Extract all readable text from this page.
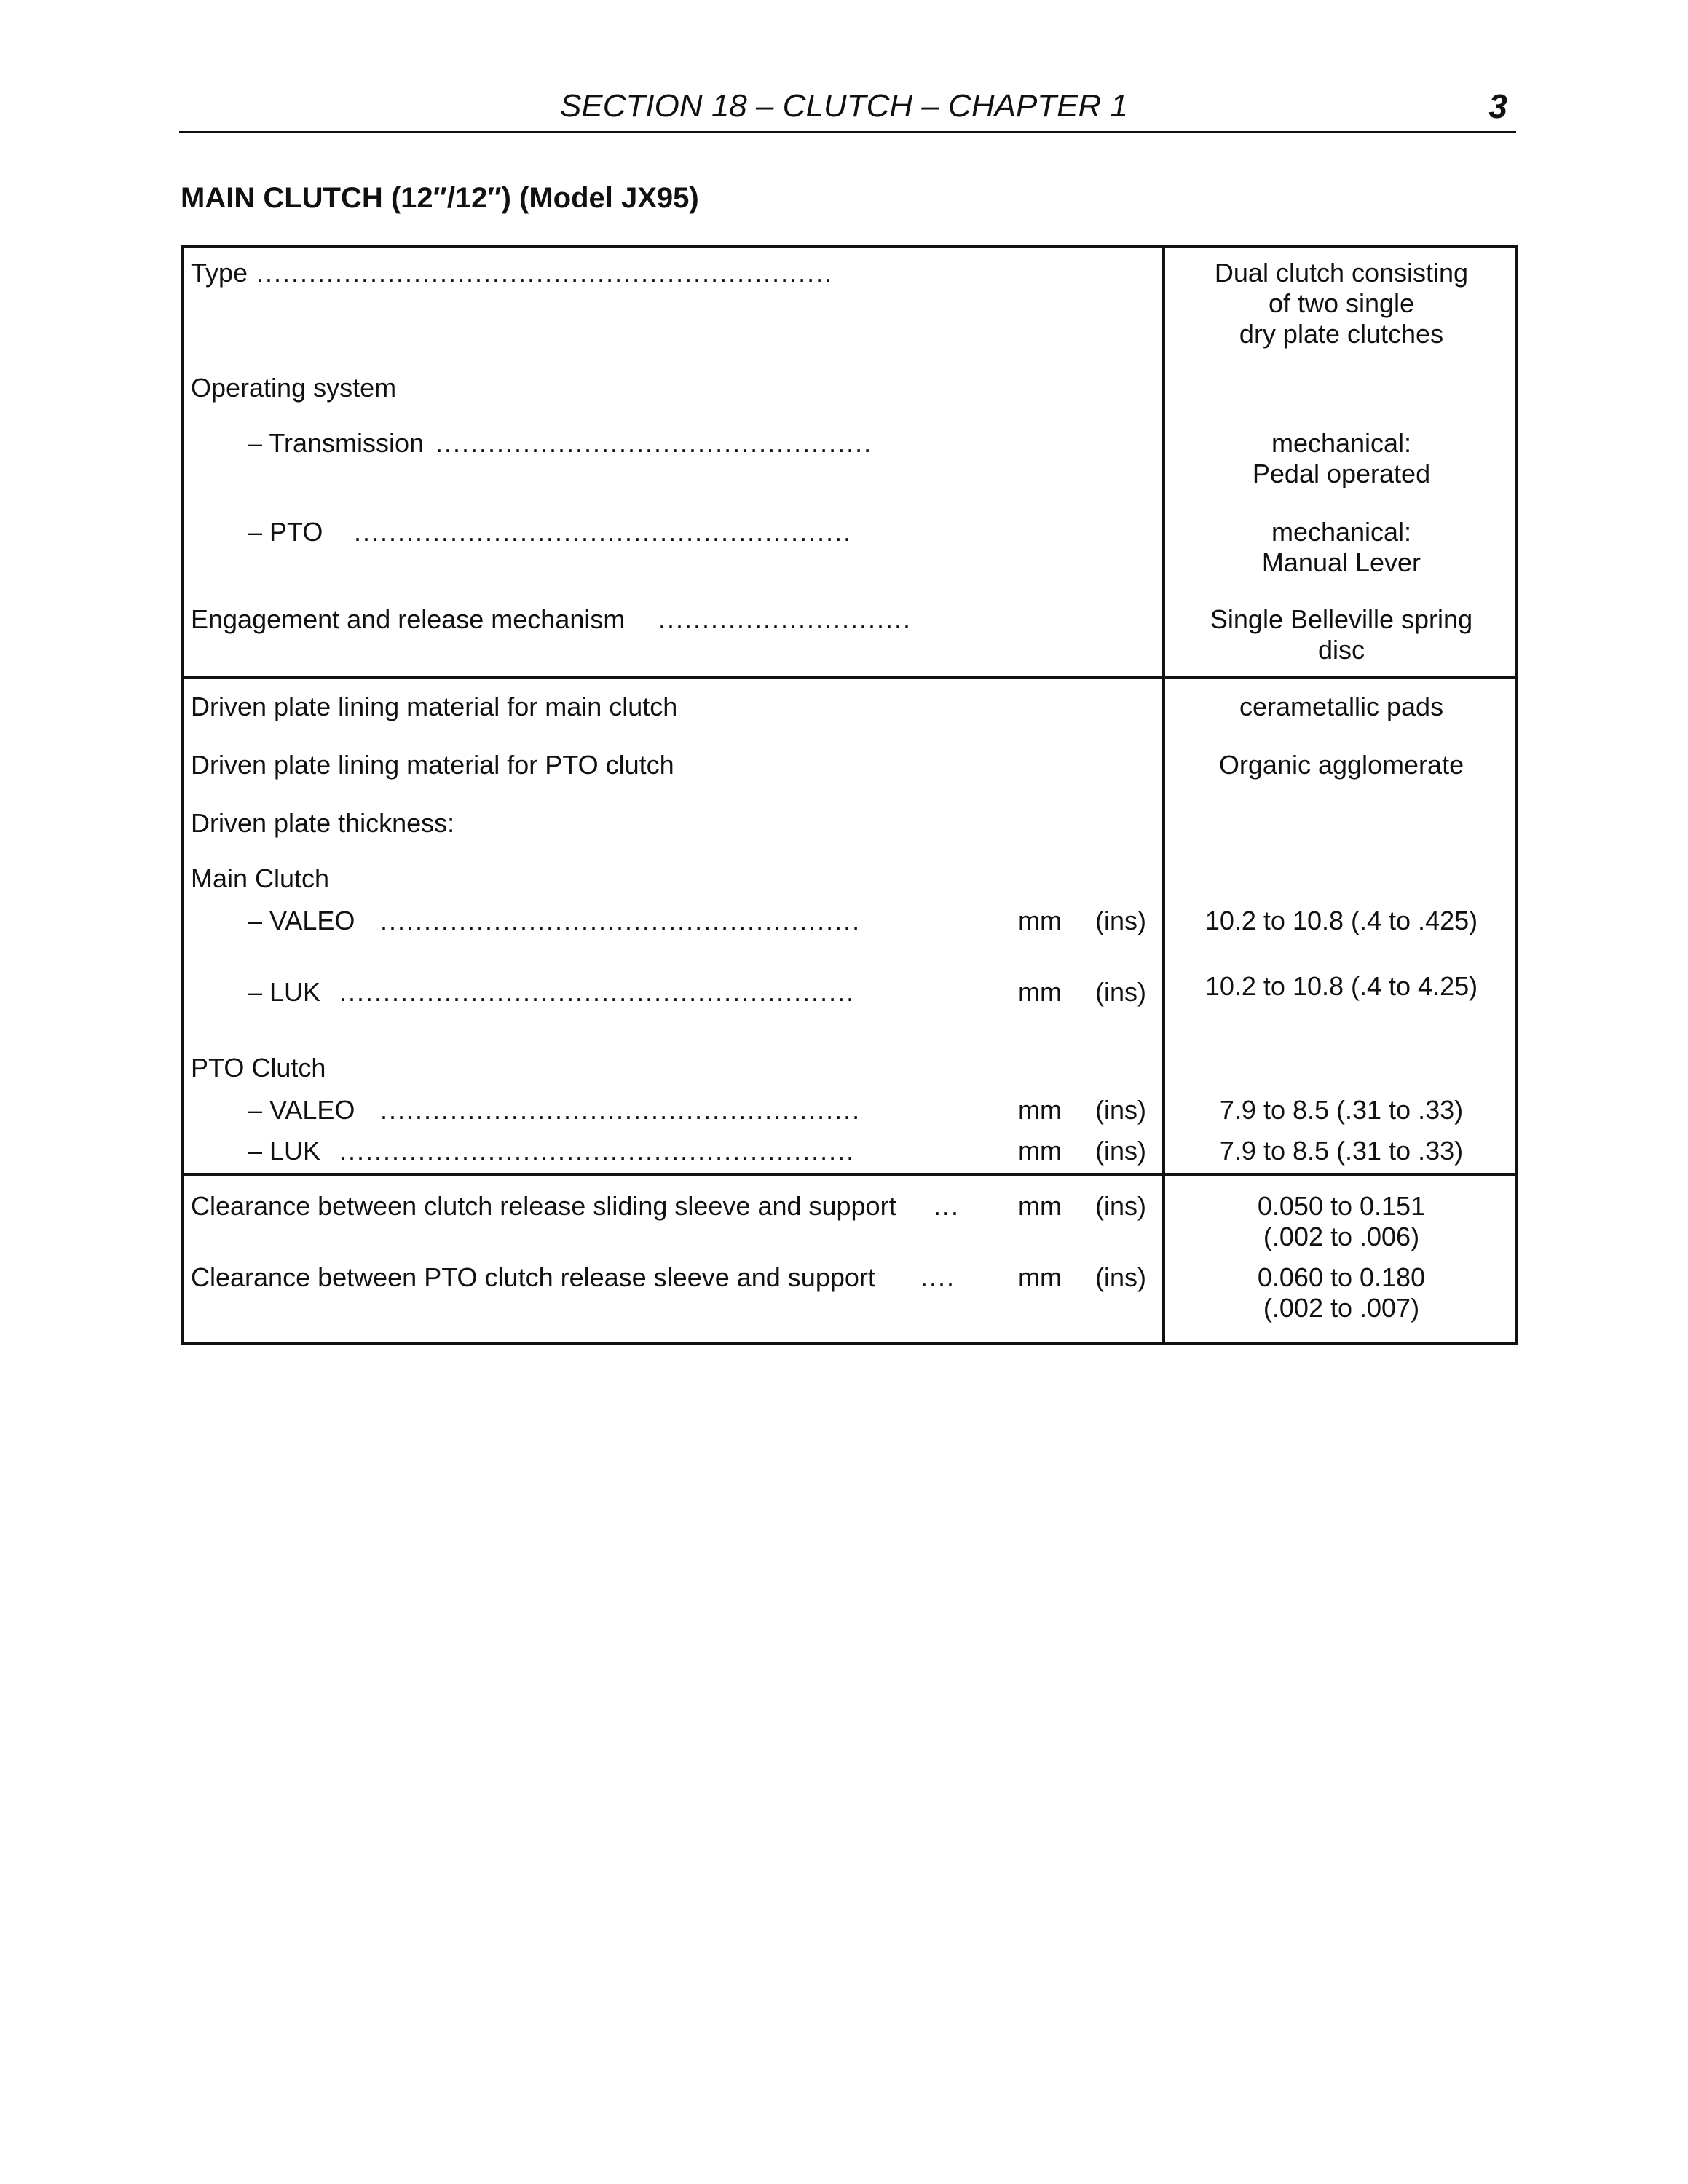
SECTION 18 – CLUTCH – CHAPTER 1	3
MAIN CLUTCH (12″/12″) (Model JX95)
Type ..................................................................	Dual clutch consisting
of two single
dry plate clutches
Operating system
– Transmission ..................................................	mechanical:
Pedal operated
– PTO .........................................................	mechanical:
Manual Lever
Engagement and release mechanism .............................	Single Belleville spring
disc
Driven plate lining material for main clutch	cerametallic pads
Driven plate lining material for PTO clutch	Organic agglomerate
Driven plate thickness:
Main Clutch
– VALEO .......................................................	mm (ins)	10.2 to 10.8 (.4 to .425)
– LUK ...........................................................	mm (ins)	10.2 to 10.8 (.4 to 4.25)
PTO Clutch
– VALEO .......................................................	mm (ins)	7.9 to 8.5 (.31 to .33)
– LUK ...........................................................	mm (ins)	7.9 to 8.5 (.31 to .33)
Clearance between clutch release sliding sleeve and support ...	mm (ins)	0.050 to 0.151
(.002 to .006)
Clearance between PTO clutch release sleeve and support ....	mm (ins)	0.060 to 0.180
(.002 to .007)
